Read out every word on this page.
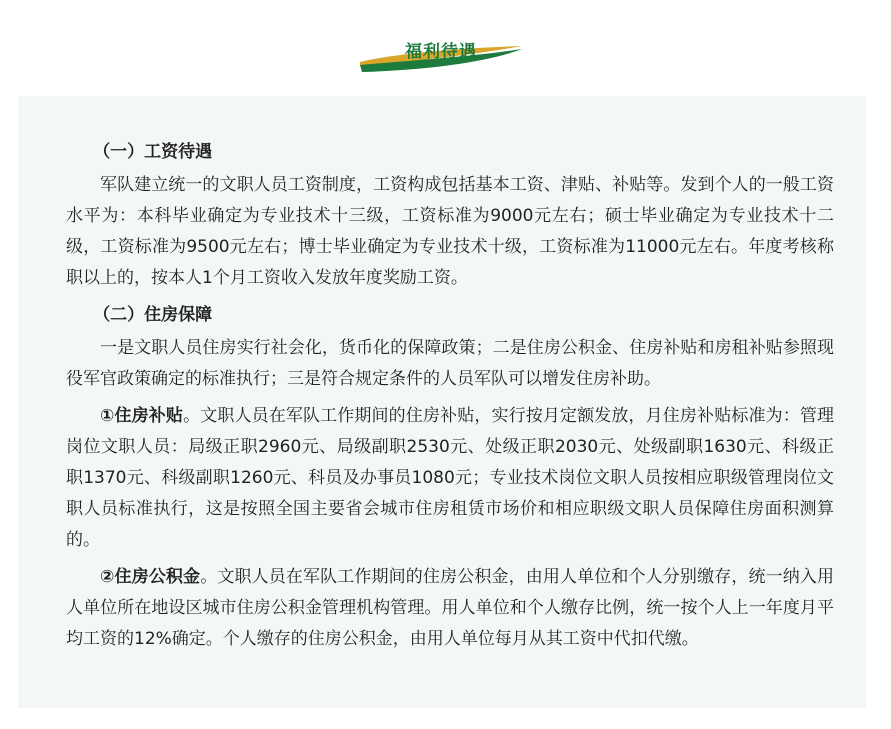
福利待遇

（一）工资待遇

军队建立统一的文职人员工资制度，工资构成包括基本工资、津贴、补贴等。发到个人的一般工资水平为：本科毕业确定为专业技术十三级，工资标准为9000元左右；硕士毕业确定为专业技术十二级，工资标准为9500元左右；博士毕业确定为专业技术十级，工资标准为11000元左右。年度考核称职以上的，按本人1个月工资收入发放年度奖励工资。

（二）住房保障

一是文职人员住房实行社会化，货币化的保障政策；二是住房公积金、住房补贴和房租补贴参照现役军官政策确定的标准执行；三是符合规定条件的人员军队可以增发住房补助。

①住房补贴。文职人员在军队工作期间的住房补贴，实行按月定额发放，月住房补贴标准为：管理岗位文职人员：局级正职2960元、局级副职2530元、处级正职2030元、处级副职1630元、科级正职1370元、科级副职1260元、科员及办事员1080元；专业技术岗位文职人员按相应职级管理岗位文职人员标准执行，这是按照全国主要省会城市住房租赁市场价和相应职级文职人员保障住房面积测算的。

②住房公积金。文职人员在军队工作期间的住房公积金，由用人单位和个人分别缴存，统一纳入用人单位所在地设区城市住房公积金管理机构管理。用人单位和个人缴存比例，统一按个人上一年度月平均工资的12%确定。个人缴存的住房公积金，由用人单位每月从其工资中代扣代缴。
